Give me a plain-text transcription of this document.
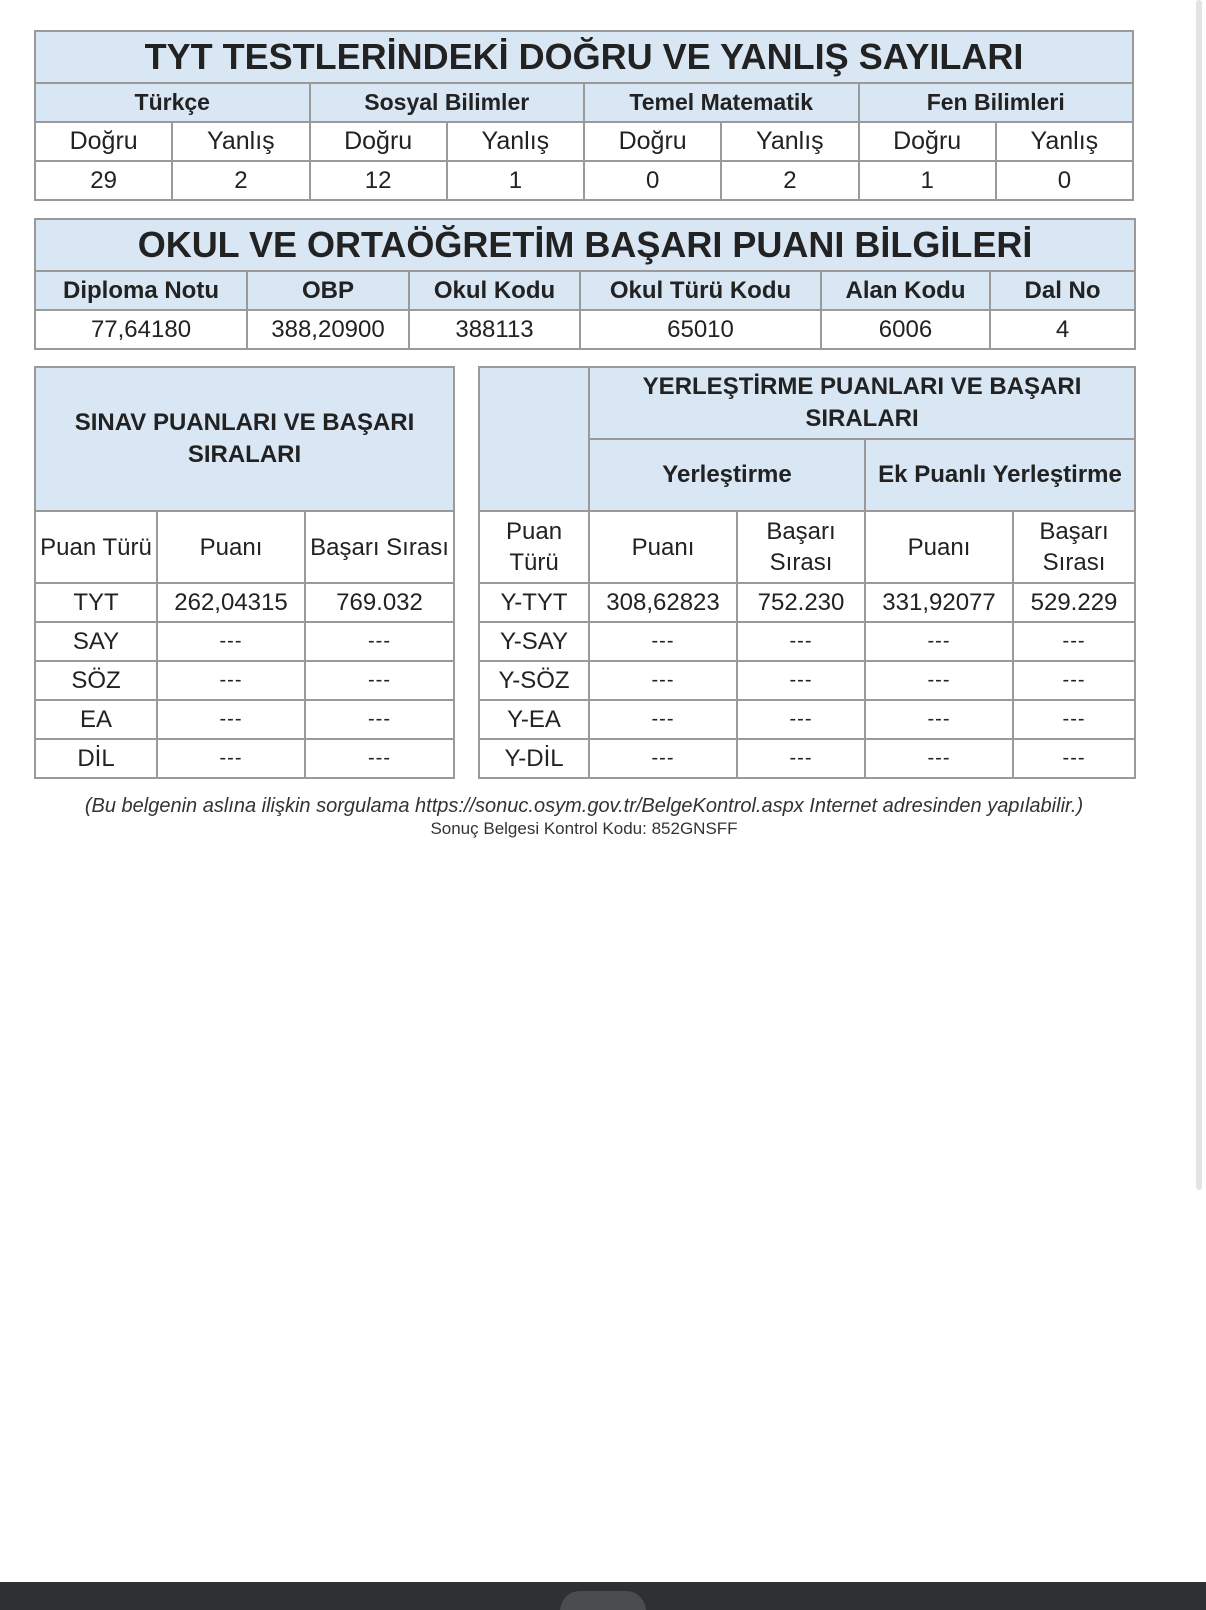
TYT TESTLERİNDEKİ DOĞRU VE YANLIŞ SAYILARI							
Türkçe		Sosyal Bilimler		Temel Matematik		Fen Bilimleri	
Doğru	Yanlış	Doğru	Yanlış	Doğru	Yanlış	Doğru	Yanlış
29	2	12	1	0	2	1	0
OKUL VE ORTAÖĞRETİM BAŞARI PUANI BİLGİLERİ					
Diploma Notu	OBP	Okul Kodu	Okul Türü Kodu	Alan Kodu	Dal No
77,64180	388,20900	388113	65010	6006	4
SINAV PUANLARI VE BAŞARI SIRALARI					YERLEŞTİRME PUANLARI VE BAŞARI SIRALARI			
					Yerleştirme		Ek Puanlı Yerleştirme	
Puan Türü	Puanı	Başarı Sırası		Puan Türü	Puanı	Başarı Sırası	Puanı	Başarı Sırası
TYT	262,04315	769.032		Y-TYT	308,62823	752.230	331,92077	529.229
SAY	---	---		Y-SAY	---	---	---	---
SÖZ	---	---		Y-SÖZ	---	---	---	---
EA	---	---		Y-EA	---	---	---	---
DİL	---	---		Y-DİL	---	---	---	---
(Bu belgenin aslına ilişkin sorgulama https://sonuc.osym.gov.tr/BelgeKontrol.aspx Internet adresinden yapılabilir.)
Sonuç Belgesi Kontrol Kodu: 852GNSFF
